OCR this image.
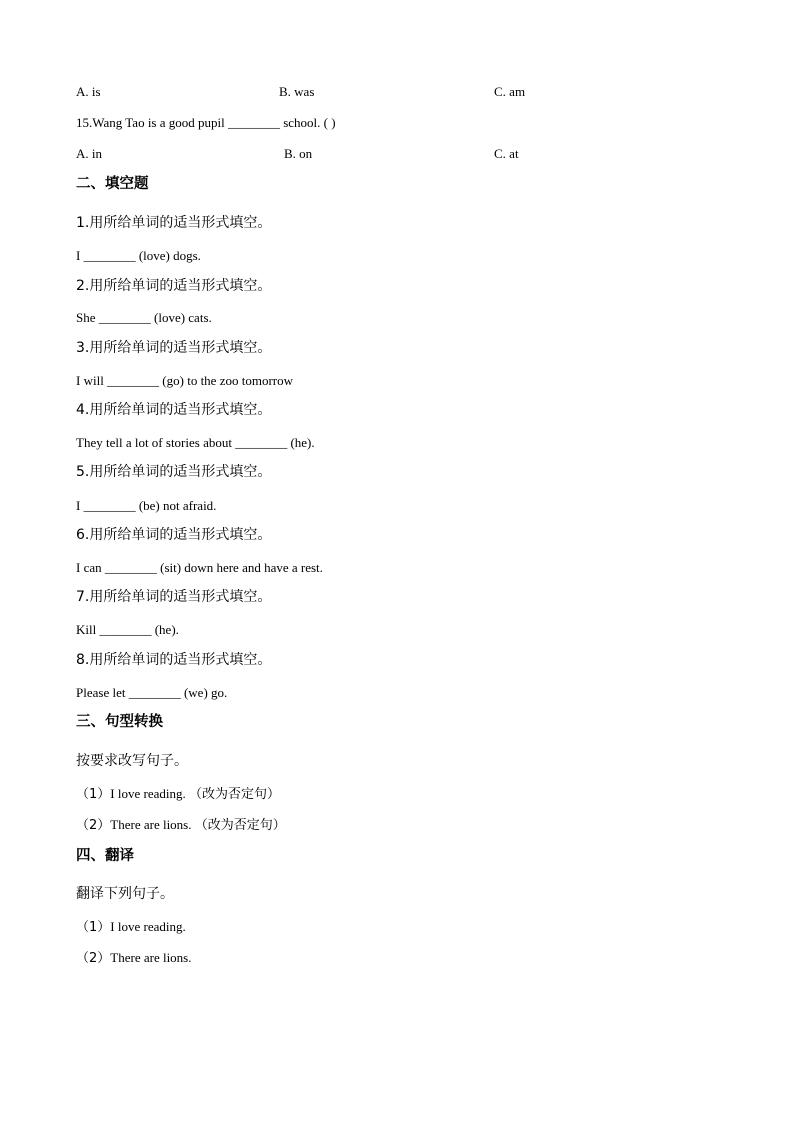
A. is	B. was	C. am
15.Wang Tao is a good pupil ________ school. ( )
A. in	B. on	C. at
二、填空题
1.用所给单词的适当形式填空。
I ________ (love) dogs.
2.用所给单词的适当形式填空。
She ________ (love) cats.
3.用所给单词的适当形式填空。
I will ________ (go) to the zoo tomorrow
4.用所给单词的适当形式填空。
They tell a lot of stories about ________ (he).
5.用所给单词的适当形式填空。
I ________ (be) not afraid.
6.用所给单词的适当形式填空。
I can ________ (sit) down here and have a rest.
7.用所给单词的适当形式填空。
Kill ________ (he).
8.用所给单词的适当形式填空。
Please let ________ (we) go.
三、句型转换
按要求改写句子。
（1）I love reading. （改为否定句）
（2）There are lions. （改为否定句）
四、翻译
翻译下列句子。
（1）I love reading.
（2）There are lions.
